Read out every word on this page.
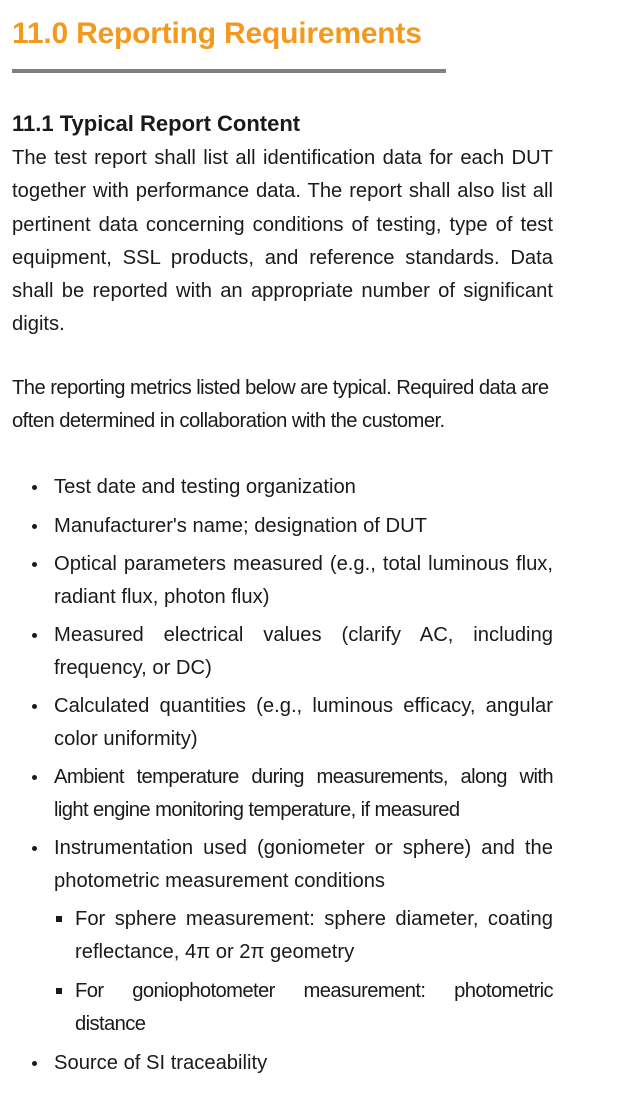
11.0 Reporting Requirements
11.1 Typical Report Content

The test report shall list all identification data for each DUT together with performance data. The report shall also list all pertinent data concerning conditions of testing, type of test equipment, SSL products, and reference standards. Data shall be reported with an appropriate number of significant digits.

The reporting metrics listed below are typical. Required data are often determined in collaboration with the customer.

Test date and testing organization
Manufacturer's name; designation of DUT
Optical parameters measured (e.g., total luminous flux, radiant flux, photon flux)
Measured electrical values (clarify AC, including frequency, or DC)
Calculated quantities (e.g., luminous efficacy, angular color uniformity)
Ambient temperature during measurements, along with light engine monitoring temperature, if measured
Instrumentation used (goniometer or sphere) and the photometric measurement conditions
For sphere measurement: sphere diameter, coating reflectance, 4π or 2π geometry
For goniophotometer measurement: photometric distance
Source of SI traceability
